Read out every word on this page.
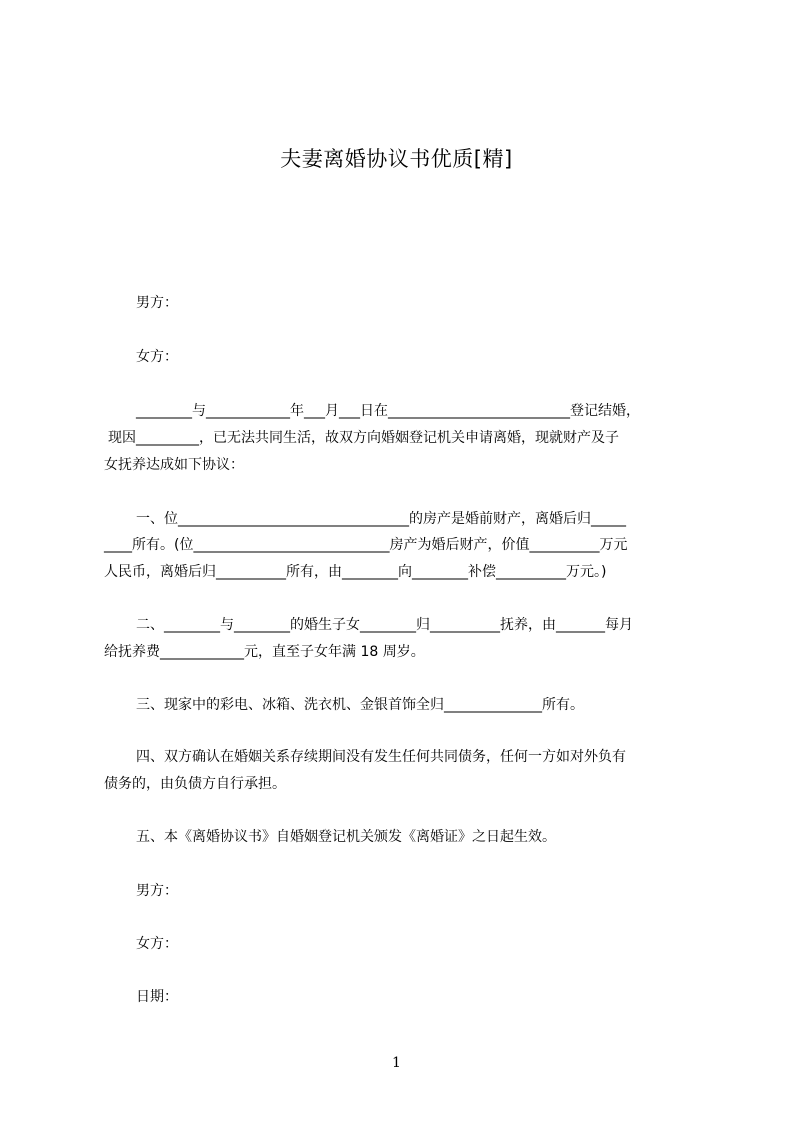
夫妻离婚协议书优质[精]
男方：
女方：
________与____________年___月___日在__________________________登记结婚，
现因_________，已无法共同生活，故双方向婚姻登记机关申请离婚，现就财产及子
女抚养达成如下协议：
一、位_________________________________的房产是婚前财产，离婚后归_____
____所有。(位____________________________房产为婚后财产，价值__________万元
人民币，离婚后归__________所有，由________向________补偿__________万元。)
二、________与________的婚生子女________归__________抚养，由_______每月
给抚养费____________元，直至子女年满 18 周岁。
三、现家中的彩电、冰箱、洗衣机、金银首饰全归______________所有。
四、双方确认在婚姻关系存续期间没有发生任何共同债务，任何一方如对外负有
债务的，由负债方自行承担。
五、本《离婚协议书》自婚姻登记机关颁发《离婚证》之日起生效。
男方：
女方：
日期：
1
